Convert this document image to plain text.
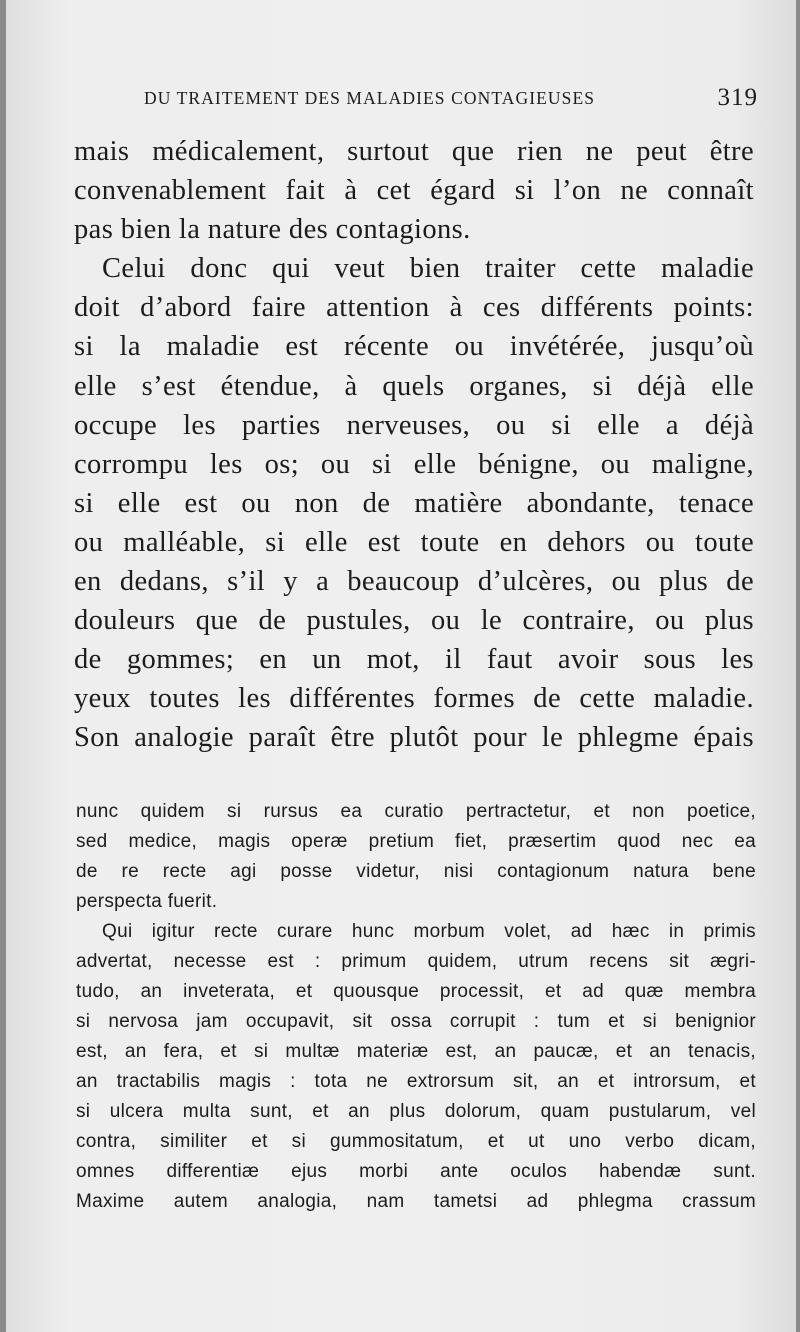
DU TRAITEMENT DES MALADIES CONTAGIEUSES	319
mais médicalement, surtout que rien ne peut être
convenablement fait à cet égard si l’on ne connaît
pas bien la nature des contagions.
Celui donc qui veut bien traiter cette maladie
doit d’abord faire attention à ces différents points:
si la maladie est récente ou invétérée, jusqu’où
elle s’est étendue, à quels organes, si déjà elle
occupe les parties nerveuses, ou si elle a déjà
corrompu les os; ou si elle bénigne, ou maligne,
si elle est ou non de matière abondante, tenace
ou malléable, si elle est toute en dehors ou toute
en dedans, s’il y a beaucoup d’ulcères, ou plus de
douleurs que de pustules, ou le contraire, ou plus
de gommes; en un mot, il faut avoir sous les
yeux toutes les différentes formes de cette maladie.
Son analogie paraît être plutôt pour le phlegme épais
nunc quidem si rursus ea curatio pertractetur, et non poetice,
sed medice, magis operæ pretium fiet, præsertim quod nec ea
de re recte agi posse videtur, nisi contagionum natura bene
perspecta fuerit.
Qui igitur recte curare hunc morbum volet, ad hæc in primis
advertat, necesse est : primum quidem, utrum recens sit ægri-
tudo, an inveterata, et quousque processit, et ad quæ membra
si nervosa jam occupavit, sit ossa corrupit : tum et si benignior
est, an fera, et si multæ materiæ est, an paucæ, et an tenacis,
an tractabilis magis : tota ne extrorsum sit, an et introrsum, et
si ulcera multa sunt, et an plus dolorum, quam pustularum, vel
contra, similiter et si gummositatum, et ut uno verbo dicam,
omnes differentiæ ejus morbi ante oculos habendæ sunt.
Maxime autem analogia, nam tametsi ad phlegma crassum
